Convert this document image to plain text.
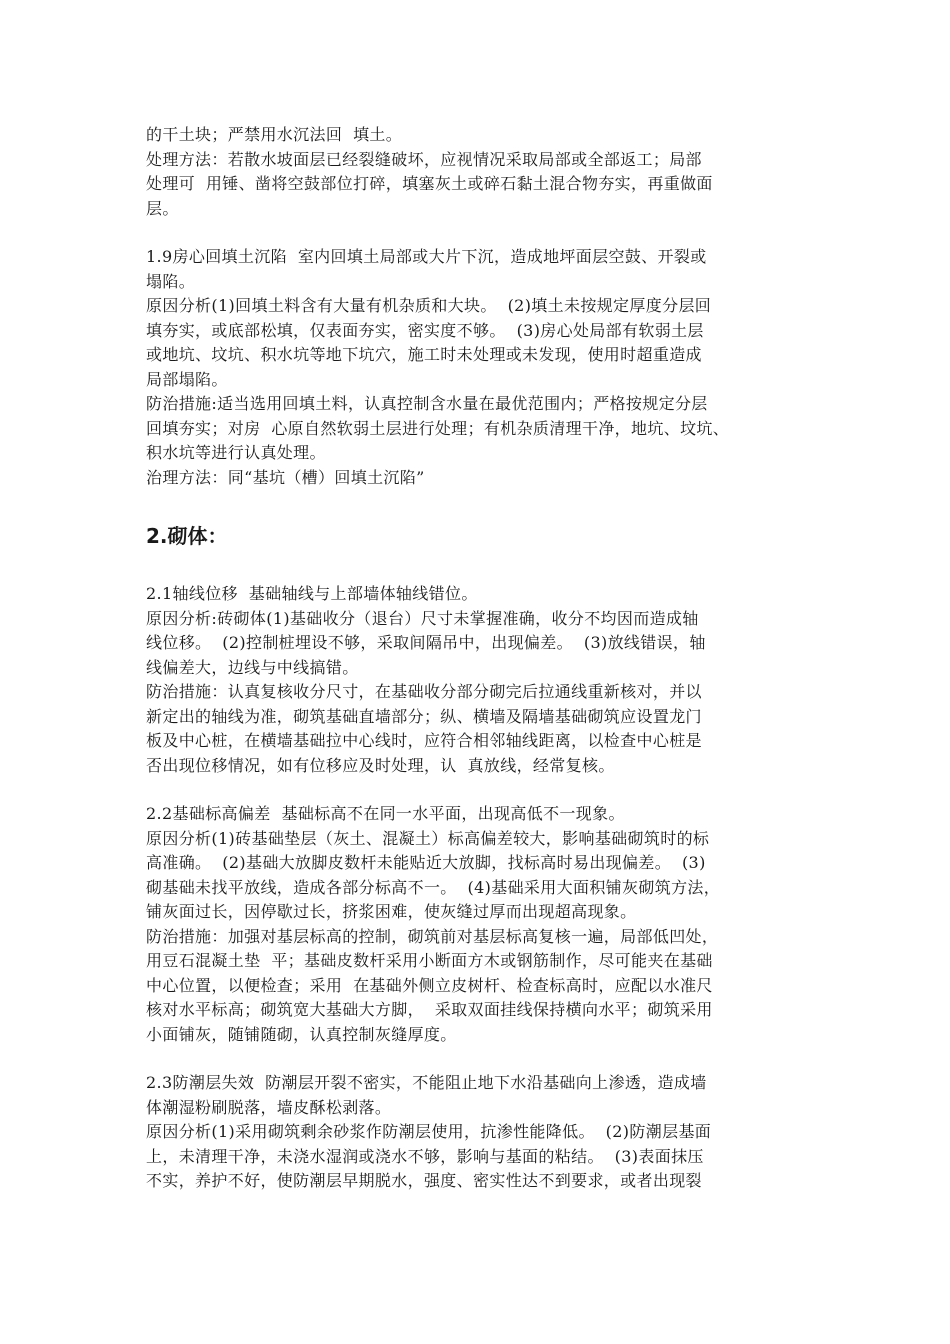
的干土块；严禁用水沉法回  填土。
处理方法：若散水坡面层已经裂缝破坏，应视情况采取局部或全部返工；局部
处理可  用锤、凿将空鼓部位打碎，填塞灰土或碎石黏土混合物夯实，再重做面
层。
1.9房心回填土沉陷  室内回填土局部或大片下沉，造成地坪面层空鼓、开裂或
塌陷。
原因分析(1)回填土料含有大量有机杂质和大块。  (2)填土未按规定厚度分层回
填夯实，或底部松填，仅表面夯实，密实度不够。  (3)房心处局部有软弱土层
或地坑、坟坑、积水坑等地下坑穴，施工时未处理或未发现，使用时超重造成
局部塌陷。
防治措施:适当选用回填土料，认真控制含水量在最优范围内；严格按规定分层
回填夯实；对房  心原自然软弱土层进行处理；有机杂质清理干净，地坑、坟坑、
积水坑等进行认真处理。
治理方法：同“基坑（槽）回填土沉陷”
2.砌体：
2.1轴线位移  基础轴线与上部墙体轴线错位。
原因分析:砖砌体(1)基础收分（退台）尺寸未掌握准确，收分不均因而造成轴
线位移。  (2)控制桩埋设不够，采取间隔吊中，出现偏差。  (3)放线错误，轴
线偏差大，边线与中线搞错。
防治措施：认真复核收分尺寸，在基础收分部分砌完后拉通线重新核对，并以
新定出的轴线为准，砌筑基础直墙部分；纵、横墙及隔墙基础砌筑应设置龙门
板及中心桩，在横墙基础拉中心线时，应符合相邻轴线距离，以检查中心桩是
否出现位移情况，如有位移应及时处理，认  真放线，经常复核。
2.2基础标高偏差  基础标高不在同一水平面，出现高低不一现象。
原因分析(1)砖基础垫层（灰土、混凝土）标高偏差较大，影响基础砌筑时的标
高准确。  (2)基础大放脚皮数杆未能贴近大放脚，找标高时易出现偏差。  (3)
砌基础未找平放线，造成各部分标高不一。  (4)基础采用大面积铺灰砌筑方法，
铺灰面过长，因停歇过长，挤浆困难，使灰缝过厚而出现超高现象。
防治措施：加强对基层标高的控制，砌筑前对基层标高复核一遍，局部低凹处，
用豆石混凝土垫  平；基础皮数杆采用小断面方木或钢筋制作，尽可能夹在基础
中心位置，以便检查；采用  在基础外侧立皮树杆、检查标高时，应配以水准尺
核对水平标高；砌筑宽大基础大方脚，  采取双面挂线保持横向水平；砌筑采用
小面铺灰，随铺随砌，认真控制灰缝厚度。
2.3防潮层失效  防潮层开裂不密实，不能阻止地下水沿基础向上渗透，造成墙
体潮湿粉刷脱落，墙皮酥松剥落。
原因分析(1)采用砌筑剩余砂浆作防潮层使用，抗渗性能降低。  (2)防潮层基面
上，未清理干净，未浇水湿润或浇水不够，影响与基面的粘结。  (3)表面抹压
不实，养护不好，使防潮层早期脱水，强度、密实性达不到要求，或者出现裂
